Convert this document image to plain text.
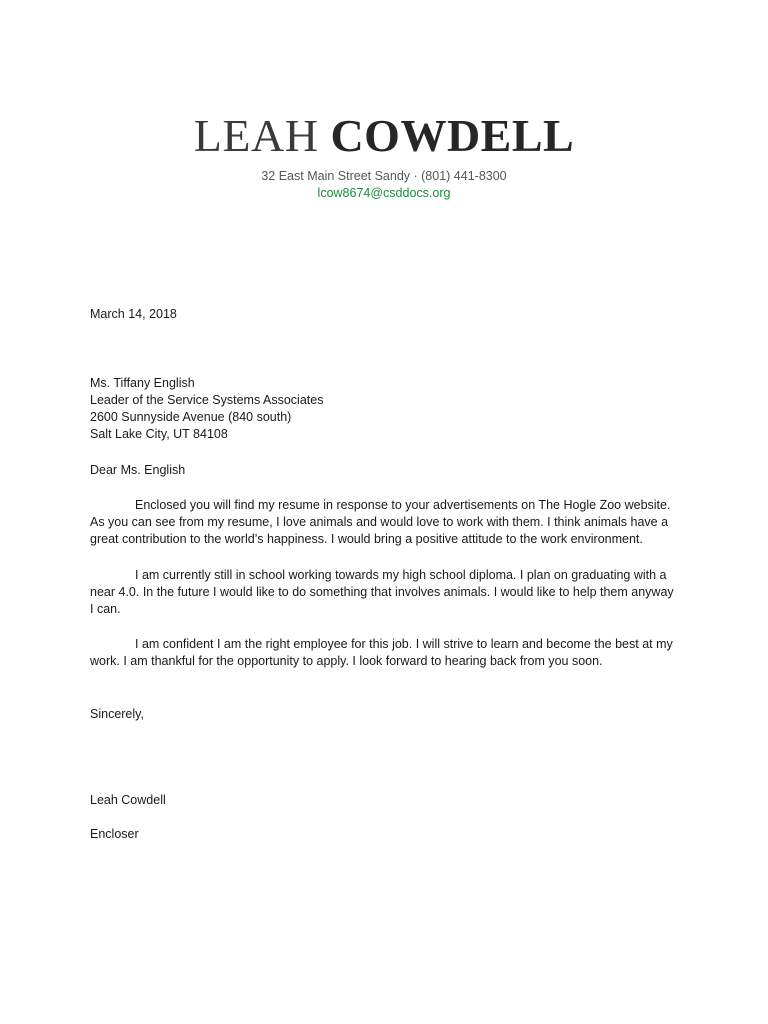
LEAH COWDELL
32 East Main Street Sandy · (801) 441-8300
lcow8674@csddocs.org
March 14, 2018
Ms. Tiffany English
Leader of the Service Systems Associates
2600 Sunnyside Avenue (840 south)
Salt Lake City, UT 84108
Dear Ms. English

Enclosed you will find my resume in response to your advertisements on The Hogle Zoo website. As you can see from my resume, I love animals and would love to work with them. I think animals have a great contribution to the world’s happiness. I would bring a positive attitude to the work environment.

I am currently still in school working towards my high school diploma. I plan on graduating with a near 4.0. In the future I would like to do something that involves animals. I would like to help them anyway I can.

I am confident I am the right employee for this job. I will strive to learn and become the best at my work. I am thankful for the opportunity to apply. I look forward to hearing back from you soon.

Sincerely,
Leah Cowdell
Encloser
